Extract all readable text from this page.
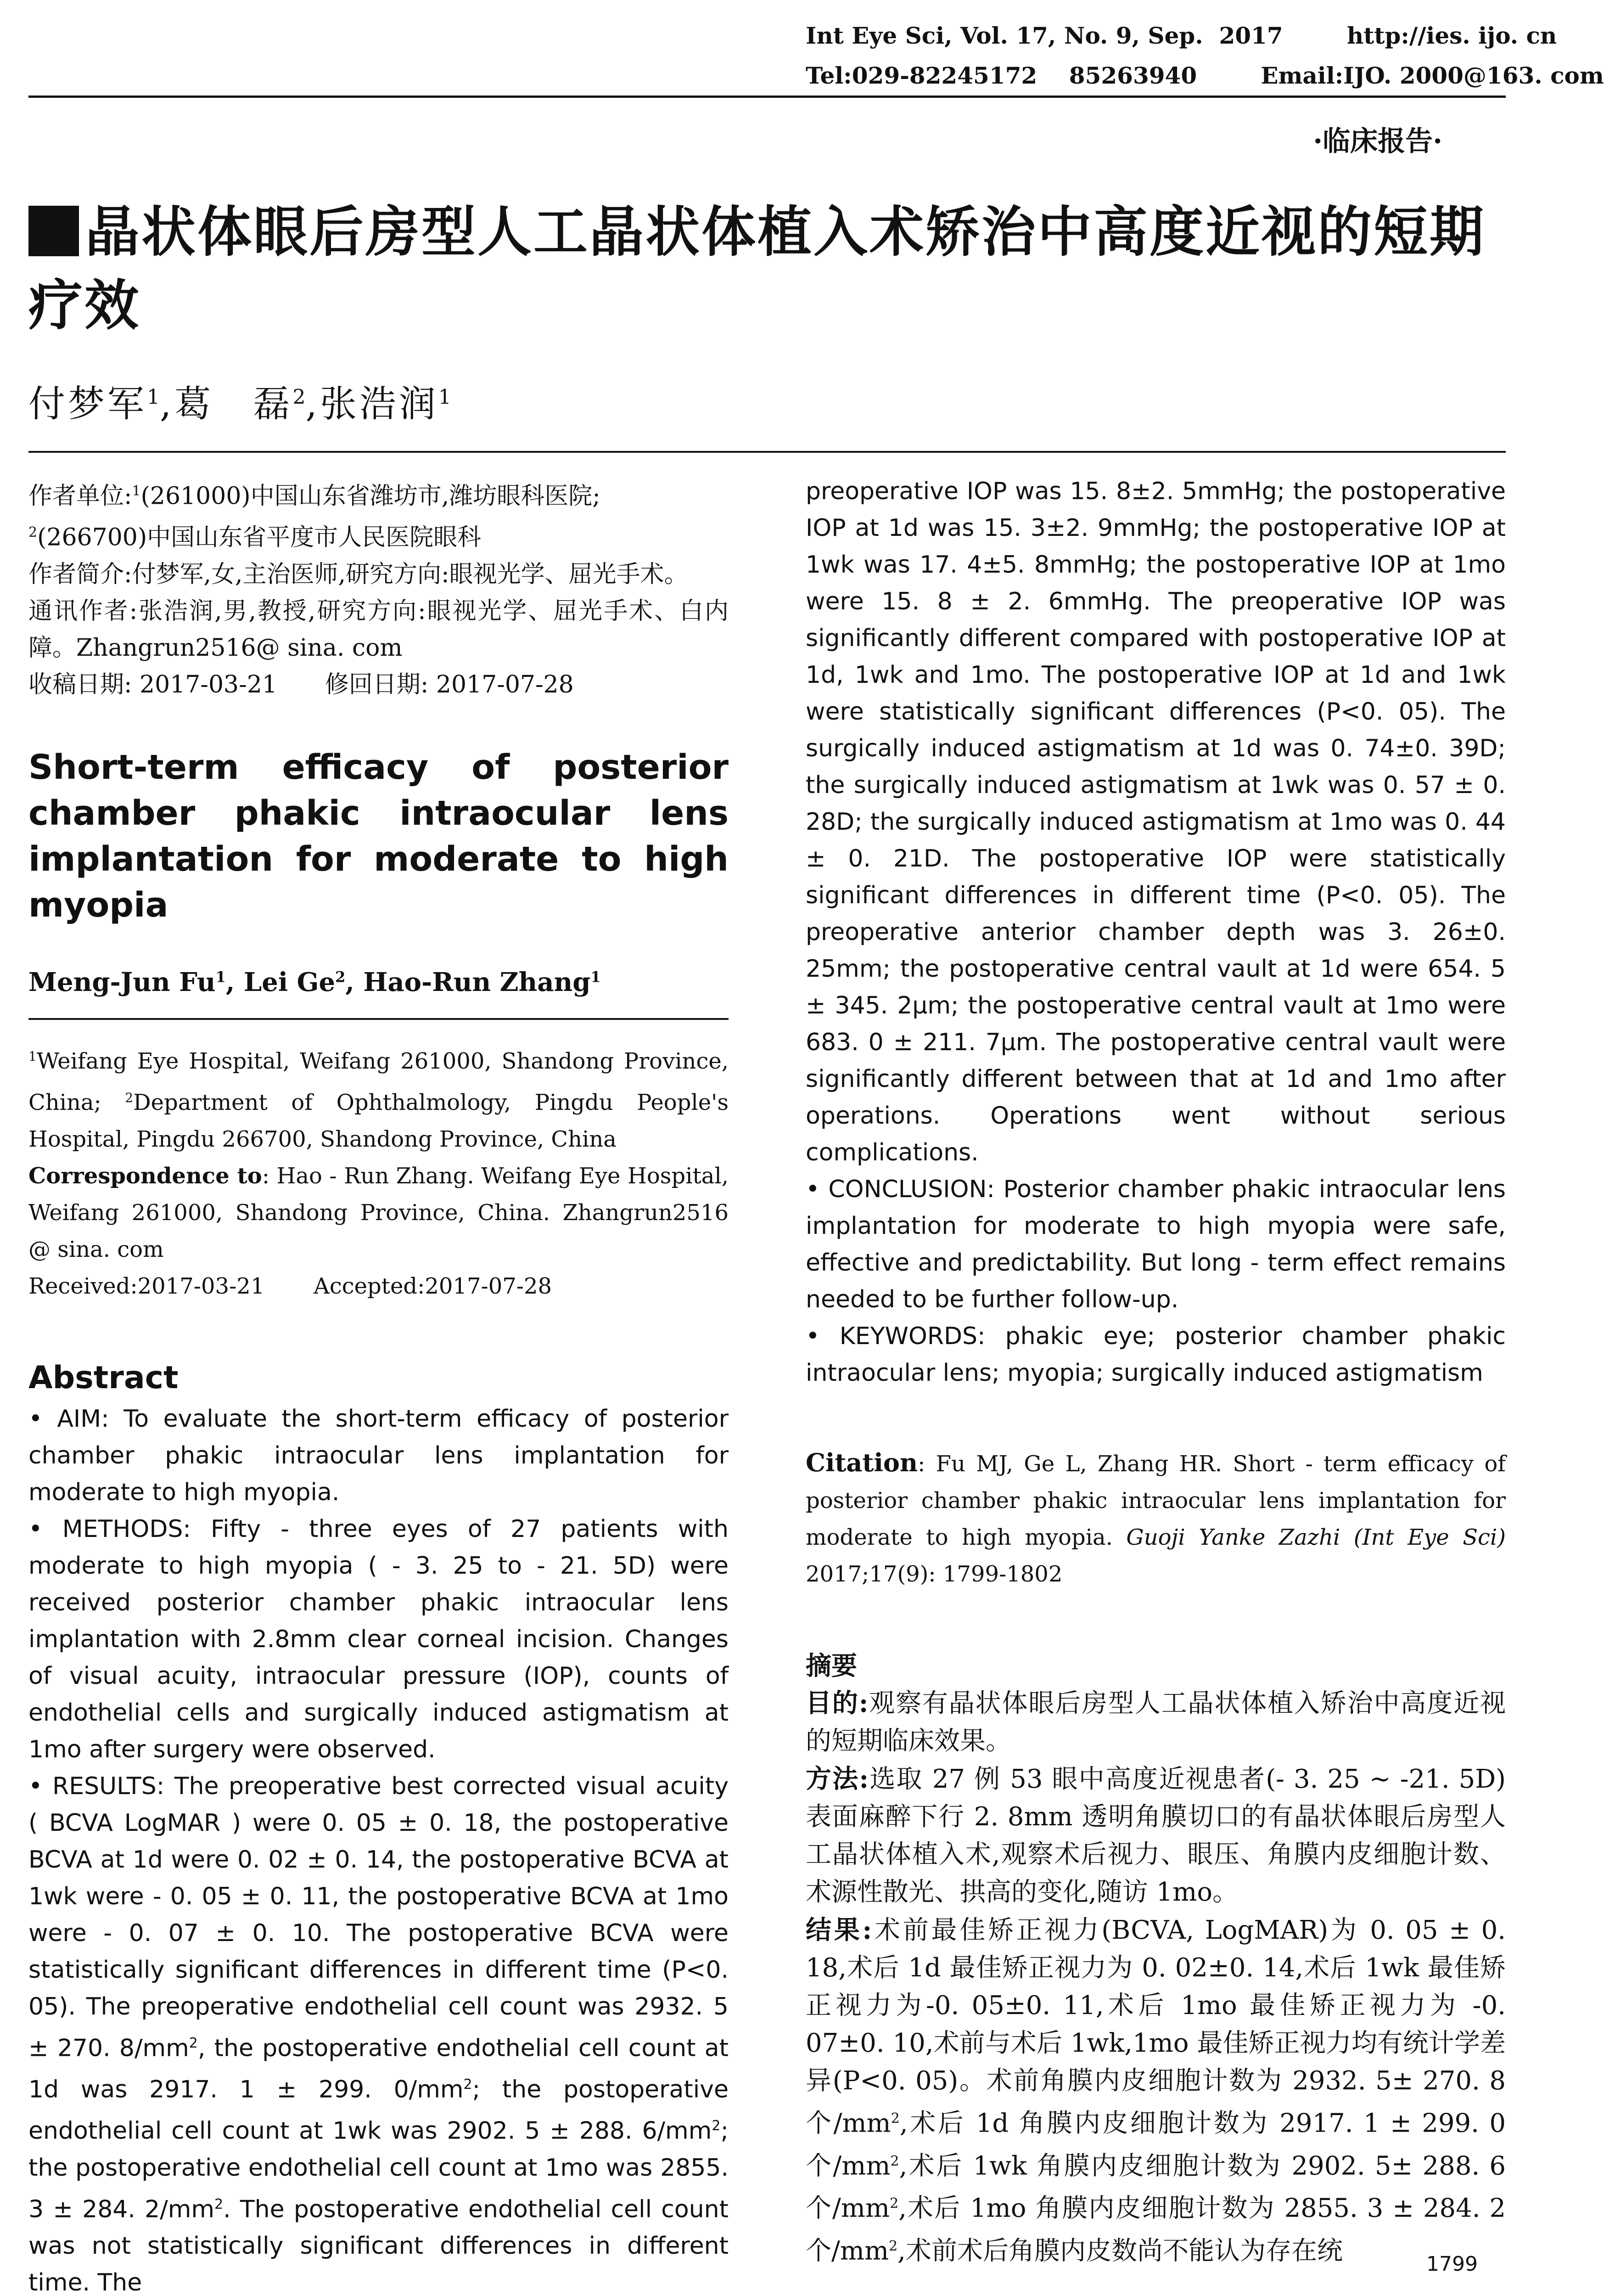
Int Eye Sci, Vol. 17, No. 9, Sep.  2017        http://ies. ijo. cn
Tel:029-82245172    85263940        Email:IJO. 2000@163. com
·临床报告·
晶状体眼后房型人工晶状体植入术矫治中高度近视的短期疗效
付梦军$^1$,葛　磊$^2$,张浩润$^1$

作者单位:$^1$(261000)中国山东省潍坊市,潍坊眼科医院;
$^2$(266700)中国山东省平度市人民医院眼科

作者简介:付梦军,女,主治医师,研究方向:眼视光学、屈光手术。

通讯作者:张浩润,男,教授,研究方向:眼视光学、屈光手术、白内障。Zhangrun2516@ sina. com

收稿日期: 2017-03-21　　修回日期: 2017-07-28

Short-term efficacy of posterior chamber phakic intraocular lens implantation for moderate to high myopia
Meng-Jun Fu$^1$, Lei Ge$^2$, Hao-Run Zhang$^1$

$^1$Weifang Eye Hospital, Weifang 261000, Shandong Province, China; $^2$Department of Ophthalmology, Pingdu People's Hospital, Pingdu 266700, Shandong Province, China

Correspondence to: Hao - Run Zhang. Weifang Eye Hospital, Weifang 261000, Shandong Province, China. Zhangrun2516 @ sina. com

Received:2017-03-21       Accepted:2017-07-28

Abstract

• AIM: To evaluate the short-term efficacy of posterior chamber phakic intraocular lens implantation for moderate to high myopia.

• METHODS: Fifty - three eyes of 27 patients with moderate to high myopia ( - 3. 25 to - 21. 5D) were received posterior chamber phakic intraocular lens implantation with 2.8mm clear corneal incision. Changes of visual acuity, intraocular pressure (IOP), counts of endothelial cells and surgically induced astigmatism at 1mo after surgery were observed.

• RESULTS: The preoperative best corrected visual acuity ( BCVA LogMAR ) were 0. 05 ± 0. 18, the postoperative BCVA at 1d were 0. 02 ± 0. 14, the postoperative BCVA at 1wk were - 0. 05 ± 0. 11, the postoperative BCVA at 1mo were - 0. 07 ± 0. 10. The postoperative BCVA were statistically significant differences in different time (P<0. 05). The preoperative endothelial cell count was 2932. 5 ± 270. $8/mm^2$, the postoperative endothelial cell count at 1d was 2917. 1 ± 299. $0/mm^2$; the postoperative endothelial cell count at 1wk was 2902. 5 ± 288. $6/mm^2$; the postoperative endothelial cell count at 1mo was 2855. 3 ± 284. $2/mm^2$. The postoperative endothelial cell count was not statistically significant differences in different time. The

preoperative IOP was 15. 8±2. 5mmHg; the postoperative IOP at 1d was 15. 3±2. 9mmHg; the postoperative IOP at 1wk was 17. 4±5. 8mmHg; the postoperative IOP at 1mo were 15. 8 ± 2. 6mmHg. The preoperative IOP was significantly different compared with postoperative IOP at 1d, 1wk and 1mo. The postoperative IOP at 1d and 1wk were statistically significant differences (P<0. 05). The surgically induced astigmatism at 1d was 0. 74±0. 39D; the surgically induced astigmatism at 1wk was 0. 57 ± 0. 28D; the surgically induced astigmatism at 1mo was 0. 44 ± 0. 21D. The postoperative IOP were statistically significant differences in different time (P<0. 05). The preoperative anterior chamber depth was 3. 26±0. 25mm; the postoperative central vault at 1d were 654. 5 ± 345. 2μm; the postoperative central vault at 1mo were 683. 0 ± 211. 7μm. The postoperative central vault were significantly different between that at 1d and 1mo after operations. Operations went without serious complications.

• CONCLUSION: Posterior chamber phakic intraocular lens implantation for moderate to high myopia were safe, effective and predictability. But long - term effect remains needed to be further follow-up.

• KEYWORDS: phakic eye; posterior chamber phakic intraocular lens; myopia; surgically induced astigmatism

Citation: Fu MJ, Ge L, Zhang HR. Short - term efficacy of posterior chamber phakic intraocular lens implantation for moderate to high myopia. Guoji Yanke Zazhi (Int Eye Sci) 2017;17(9): 1799-1802
摘要

目的:观察有晶状体眼后房型人工晶状体植入矫治中高度近视的短期临床效果。

方法:选取 27 例 53 眼中高度近视患者(- 3. 25 ~ -21. 5D)表面麻醉下行 2. 8mm 透明角膜切口的有晶状体眼后房型人工晶状体植入术,观察术后视力、眼压、角膜内皮细胞计数、术源性散光、拱高的变化,随访 1mo。

结果:术前最佳矫正视力(BCVA, LogMAR)为 0. 05 ± 0. 18,术后 1d 最佳矫正视力为 0. 02±0. 14,术后 1wk 最佳矫正视力为-0. 05±0. 11,术后 1mo 最佳矫正视力为 -0. 07±0. 10,术前与术后 1wk,1mo 最佳矫正视力均有统计学差异(P<0. 05)。术前角膜内皮细胞计数为 2932. 5± 270. 8 个$/mm^2$,术后 1d 角膜内皮细胞计数为 2917. 1 ± 299. 0 个$/mm^2$,术后 1wk 角膜内皮细胞计数为 2902. 5± 288. 6 个$/mm^2$,术后 1mo 角膜内皮细胞计数为 2855. 3 ± 284. 2 个$/mm^2$,术前术后角膜内皮数尚不能认为存在统	1799
